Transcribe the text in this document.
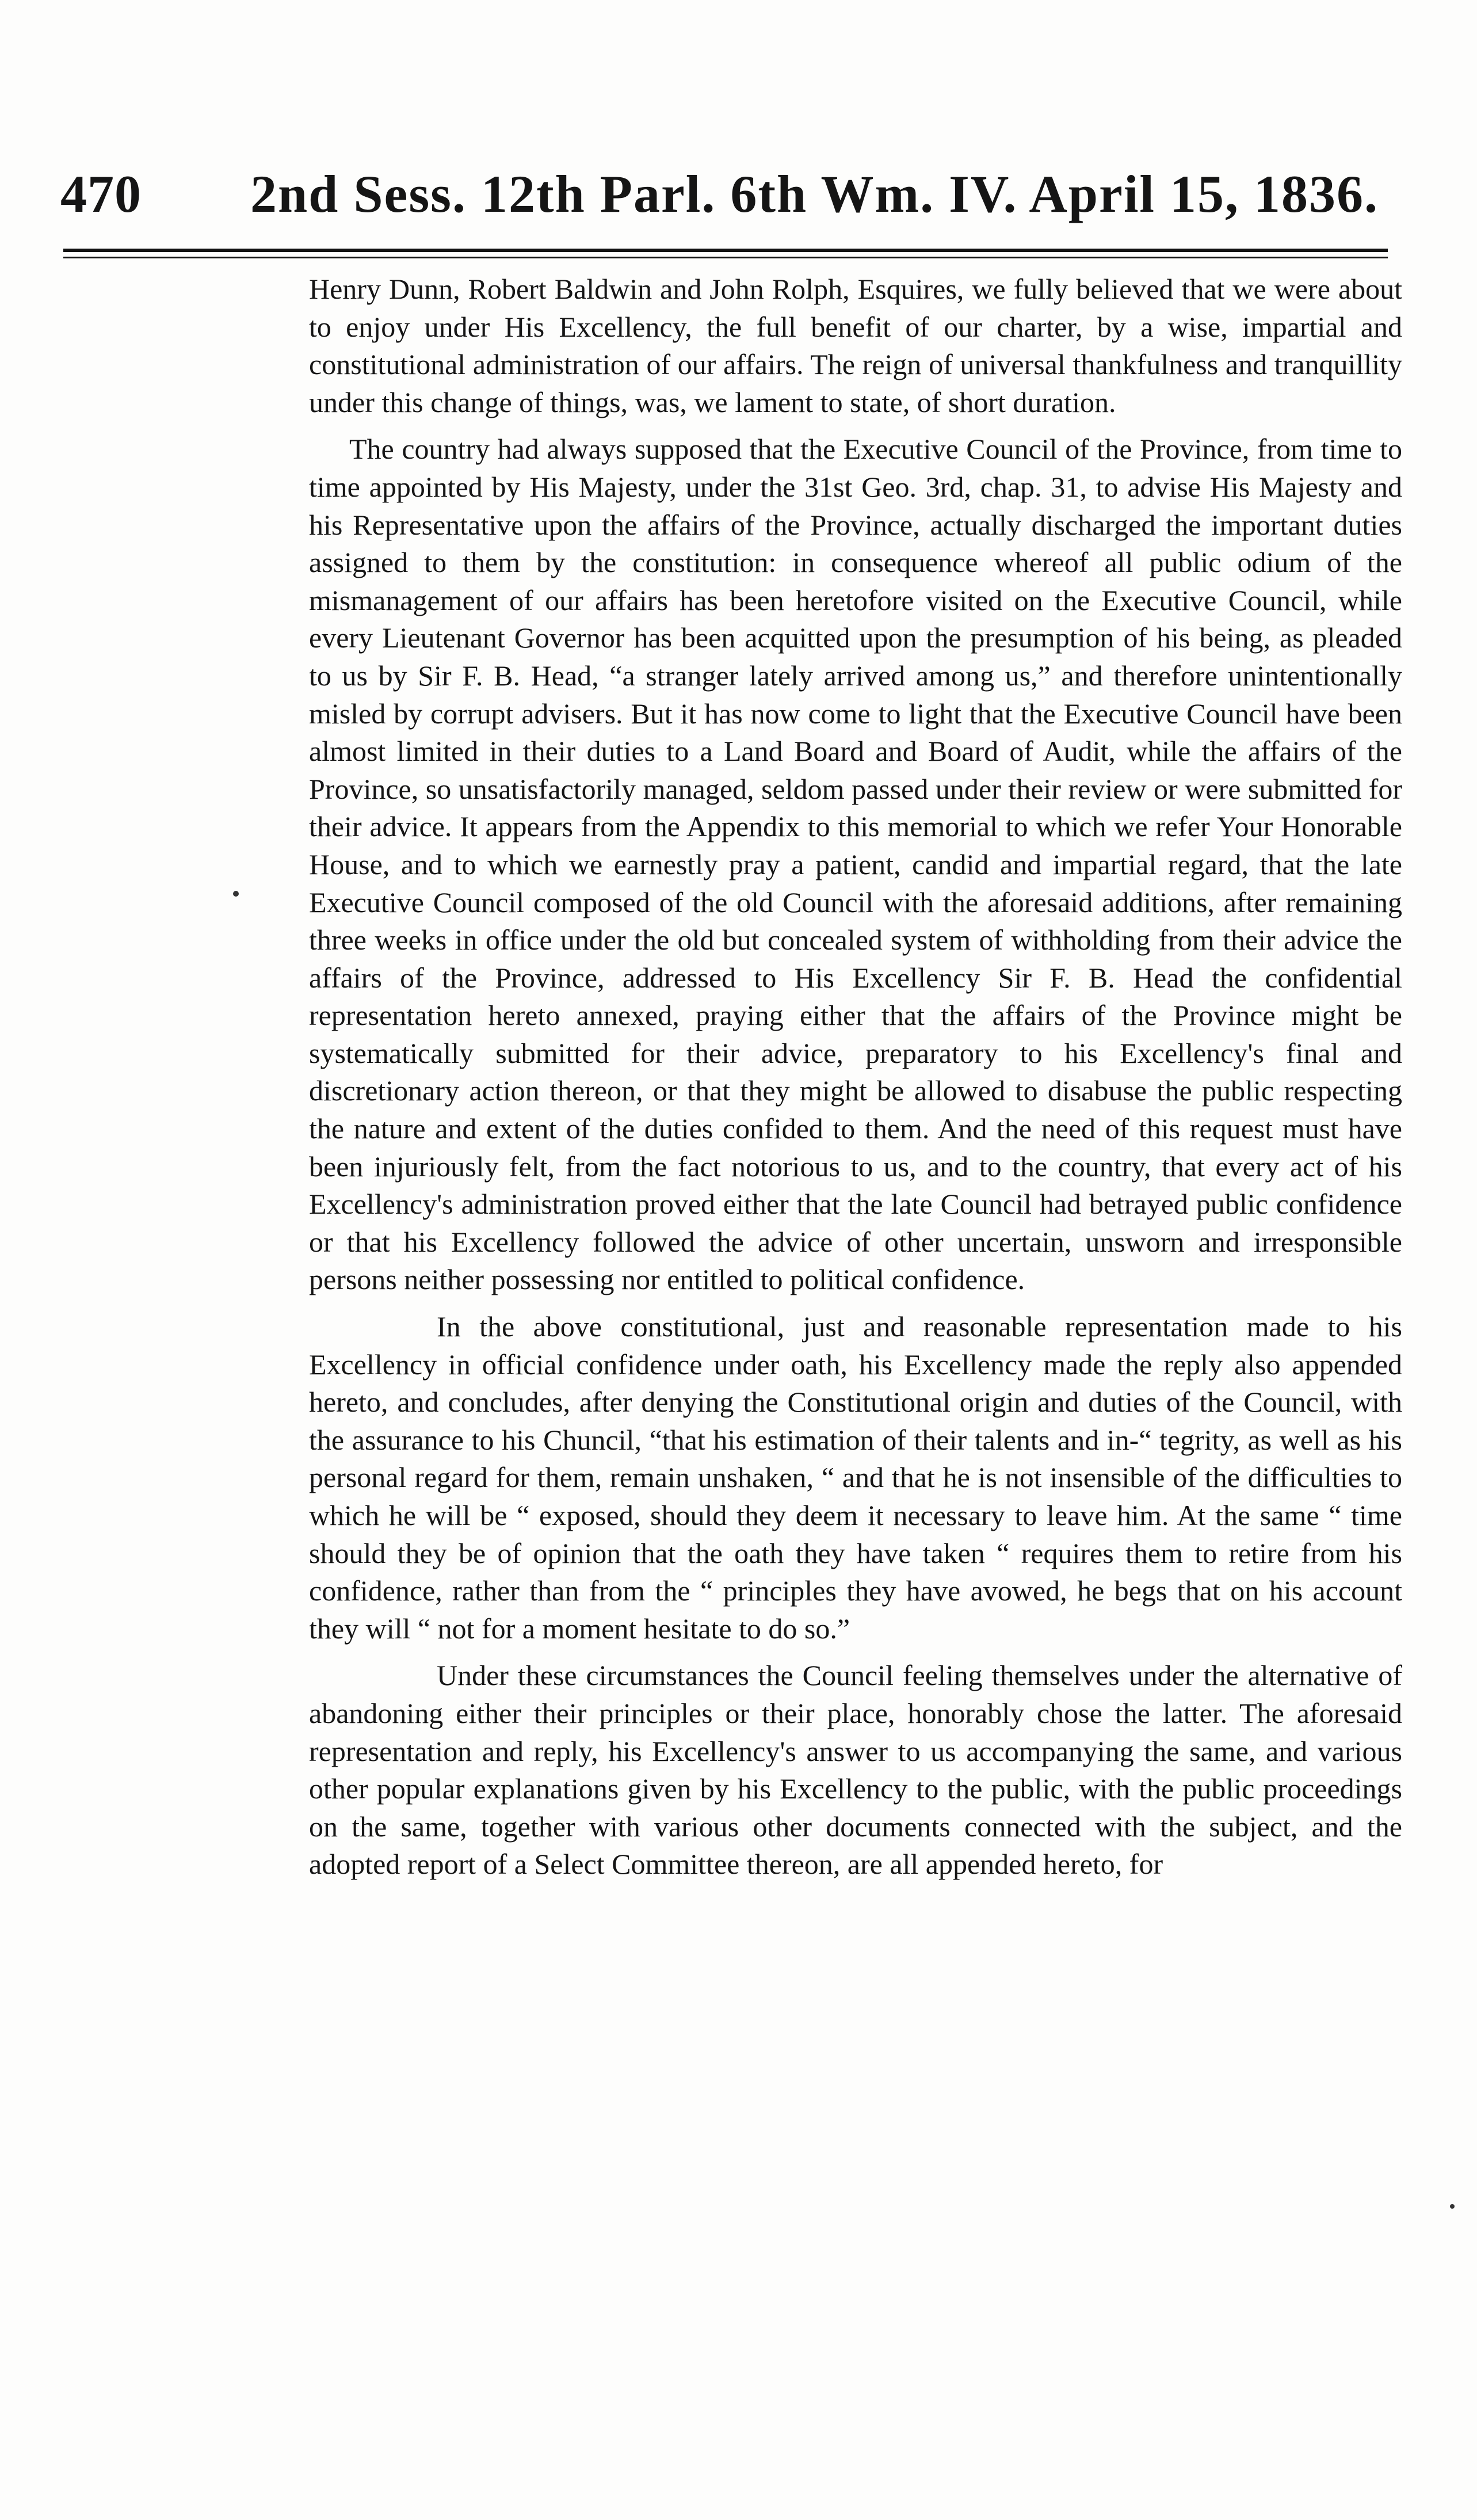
470 2nd Sess. 12th Parl. 6th Wm. IV. April 15, 1836.

Henry Dunn, Robert Baldwin and John Rolph, Esquires, we fully believed that we were about to enjoy under His Excellency, the full benefit of our charter, by a wise, impartial and constitutional administration of our affairs. The reign of universal thankfulness and tranquillity under this change of things, was, we lament to state, of short duration.

The country had always supposed that the Executive Council of the Province, from time to time appointed by His Majesty, under the 31st Geo. 3rd, chap. 31, to advise His Majesty and his Representative upon the affairs of the Province, actually discharged the important duties assigned to them by the constitution: in consequence whereof all public odium of the mismanagement of our affairs has been heretofore visited on the Executive Council, while every Lieutenant Governor has been acquitted upon the presumption of his being, as pleaded to us by Sir F. B. Head, “a stranger lately arrived among us,” and therefore unintentionally misled by corrupt advisers. But it has now come to light that the Executive Council have been almost limited in their duties to a Land Board and Board of Audit, while the affairs of the Province, so unsatisfactorily managed, seldom passed under their review or were submitted for their advice. It appears from the Appendix to this memorial to which we refer Your Honorable House, and to which we earnestly pray a patient, candid and impartial regard, that the late Executive Council composed of the old Council with the aforesaid additions, after remaining three weeks in office under the old but concealed system of withholding from their advice the affairs of the Province, addressed to His Excellency Sir F. B. Head the confidential representation hereto annexed, praying either that the affairs of the Province might be systematically submitted for their advice, preparatory to his Excellency's final and discretionary action thereon, or that they might be allowed to disabuse the public respecting the nature and extent of the duties confided to them. And the need of this request must have been injuriously felt, from the fact notorious to us, and to the country, that every act of his Excellency's administration proved either that the late Council had betrayed public confidence or that his Excellency followed the advice of other uncertain, unsworn and irresponsible persons neither possessing nor entitled to political confidence.

In the above constitutional, just and reasonable representation made to his Excellency in official confidence under oath, his Excellency made the reply also appended hereto, and concludes, after denying the Constitutional origin and duties of the Council, with the assurance to his Chuncil, “that his estimation of their talents and in-“ tegrity, as well as his personal regard for them, remain unshaken, “ and that he is not insensible of the difficulties to which he will be “ exposed, should they deem it necessary to leave him. At the same “ time should they be of opinion that the oath they have taken “ requires them to retire from his confidence, rather than from the “ principles they have avowed, he begs that on his account they will “ not for a moment hesitate to do so.”

Under these circumstances the Council feeling themselves under the alternative of abandoning either their principles or their place, honorably chose the latter. The aforesaid representation and reply, his Excellency's answer to us accompanying the same, and various other popular explanations given by his Excellency to the public, with the public proceedings on the same, together with various other documents connected with the subject, and the adopted report of a Select Committee thereon, are all appended hereto, for
